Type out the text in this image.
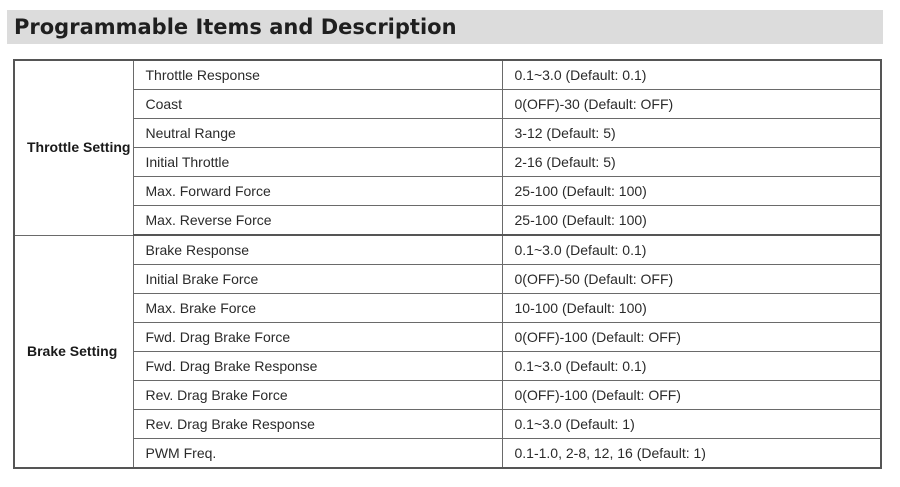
Programmable Items and Description
Throttle Setting	Throttle Response	0.1~3.0 (Default: 0.1)
	Coast	0(OFF)-30 (Default: OFF)
	Neutral Range	3-12 (Default: 5)
	Initial Throttle	2-16 (Default: 5)
	Max. Forward Force	25-100 (Default: 100)
	Max. Reverse Force	25-100 (Default: 100)
Brake Setting	Brake Response	0.1~3.0 (Default: 0.1)
	Initial Brake Force	0(OFF)-50 (Default: OFF)
	Max. Brake Force	10-100 (Default: 100)
	Fwd. Drag Brake Force	0(OFF)-100 (Default: OFF)
	Fwd. Drag Brake Response	0.1~3.0 (Default: 0.1)
	Rev. Drag Brake Force	0(OFF)-100 (Default: OFF)
	Rev. Drag Brake Response	0.1~3.0 (Default: 1)
	PWM Freq.	0.1-1.0, 2-8, 12, 16 (Default: 1)
